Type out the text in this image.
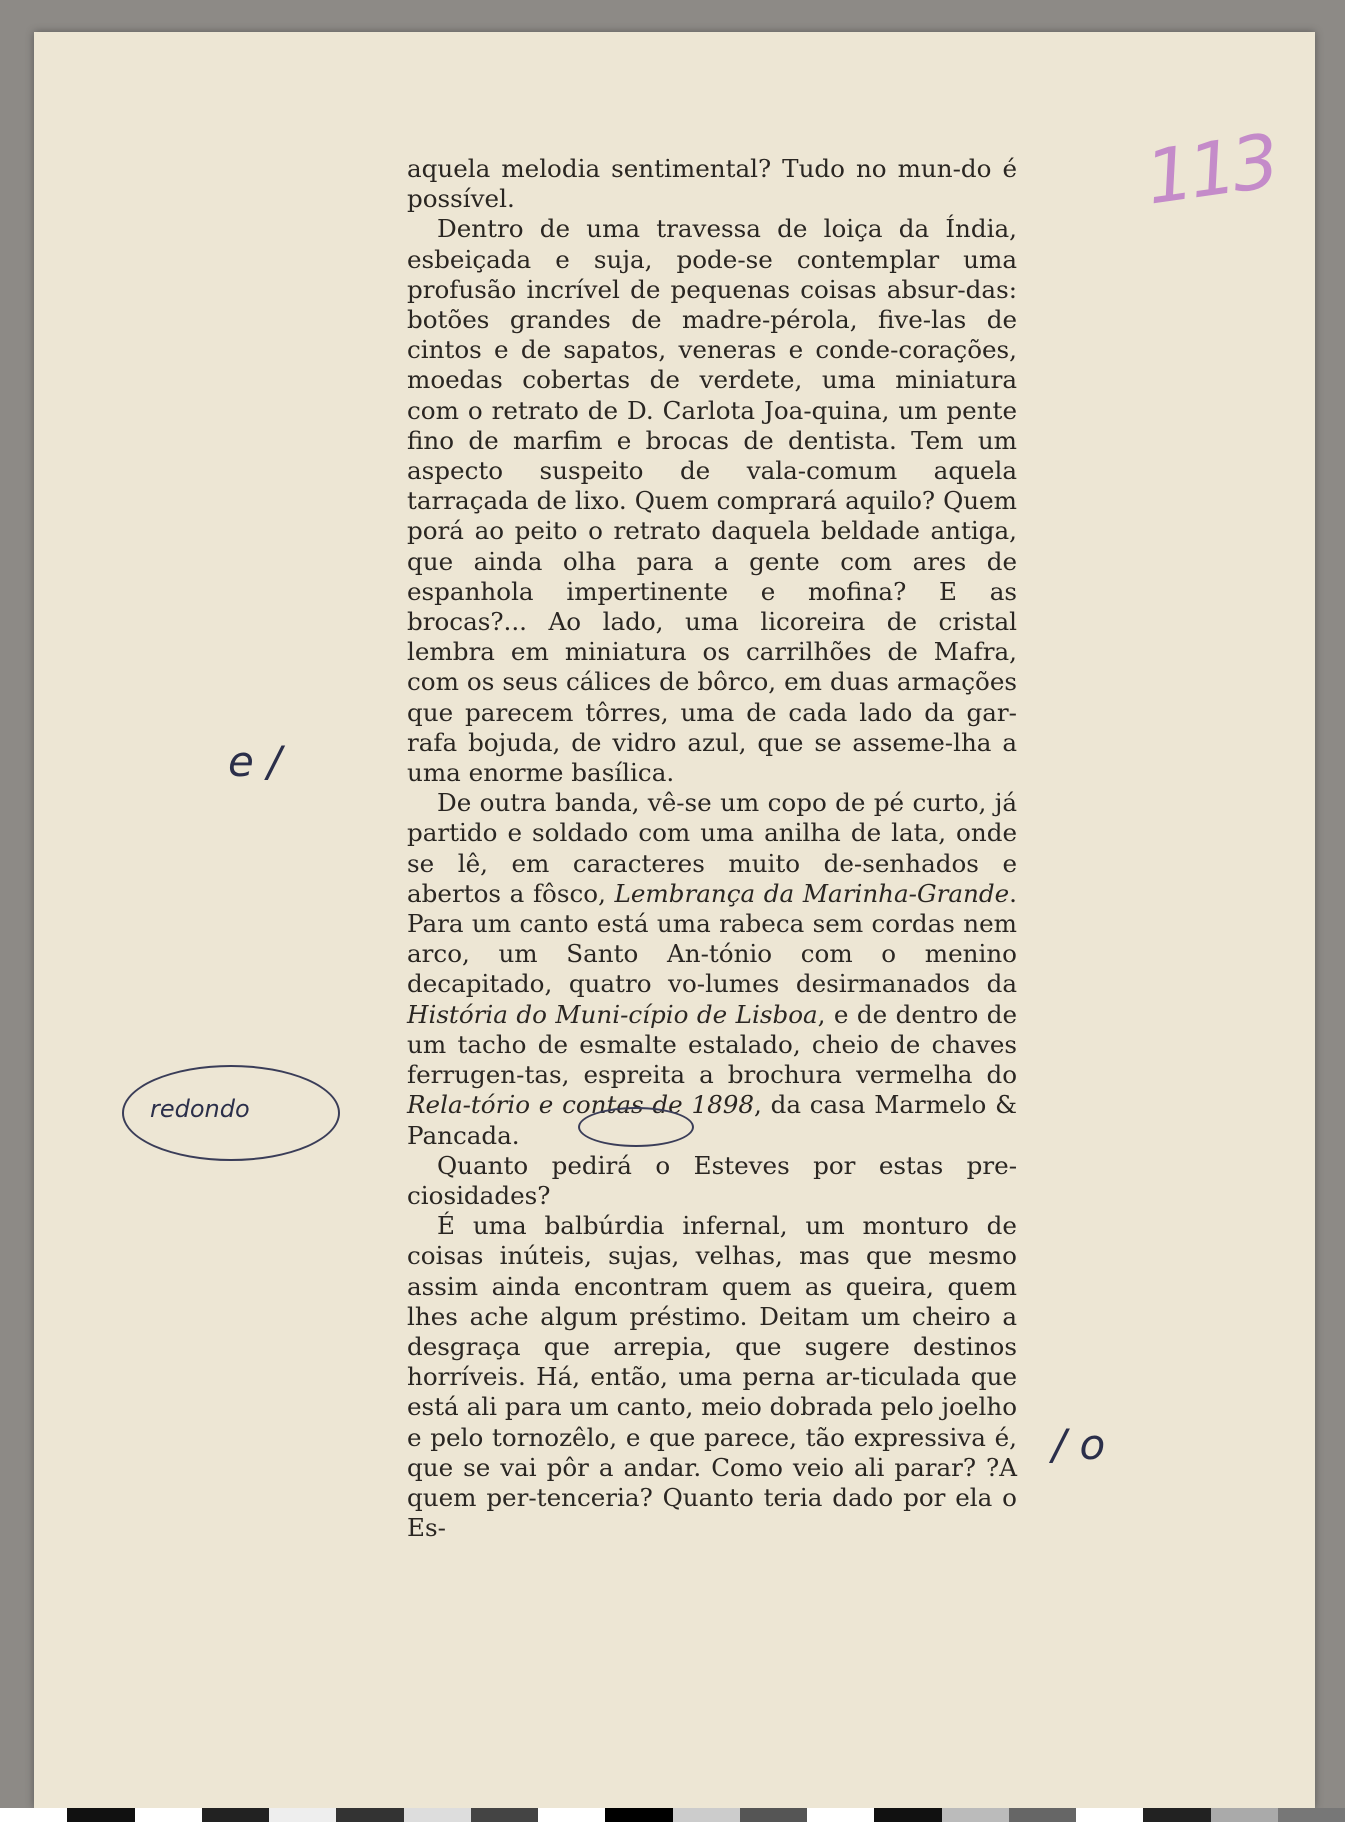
113

aquela melodia sentimental? Tudo no mun-do é possível.

Dentro de uma travessa de loiça da Índia, esbeiçada e suja, pode-se contemplar uma profusão incrível de pequenas coisas absur-das: botões grandes de madre-pérola, five-las de cintos e de sapatos, veneras e conde-corações, moedas cobertas de verdete, uma miniatura com o retrato de D. Carlota Joa-quina, um pente fino de marfim e brocas de dentista. Tem um aspecto suspeito de vala-comum aquela tarraçada de lixo. Quem comprará aquilo? Quem porá ao peito o retrato daquela beldade antiga, que ainda olha para a gente com ares de espanhola impertinente e mofina? E as brocas?... Ao lado, uma licoreira de cristal lembra em miniatura os carrilhões de Mafra, com os seus cálices de bôrco, em duas armações que parecem tôrres, uma de cada lado da gar-rafa bojuda, de vidro azul, que se asseme-lha a uma enorme basílica.

De outra banda, vê-se um copo de pé curto, já partido e soldado com uma anilha de lata, onde se lê, em caracteres muito de-senhados e abertos a fôsco, Lembrança da Marinha-Grande. Para um canto está uma rabeca sem cordas nem arco, um Santo An-tónio com o menino decapitado, quatro vo-lumes desirmanados da História do Muni-cípio de Lisboa, e de dentro de um tacho de esmalte estalado, cheio de chaves ferrugen-tas, espreita a brochura vermelha do Rela-tório e contas de 1898, da casa Marmelo & Pancada.

Quanto pedirá o Esteves por estas pre-ciosidades?

É uma balbúrdia infernal, um monturo de coisas inúteis, sujas, velhas, mas que mesmo assim ainda encontram quem as queira, quem lhes ache algum préstimo. Deitam um cheiro a desgraça que arrepia, que sugere destinos horríveis. Há, então, uma perna ar-ticulada que está ali para um canto, meio dobrada pelo joelho e pelo tornozêlo, e que parece, tão expressiva é, que se vai pôr a andar. Como veio ali parar? ?A quem per-tenceria? Quanto teria dado por ela o Es-

e /
/ o
redondo
